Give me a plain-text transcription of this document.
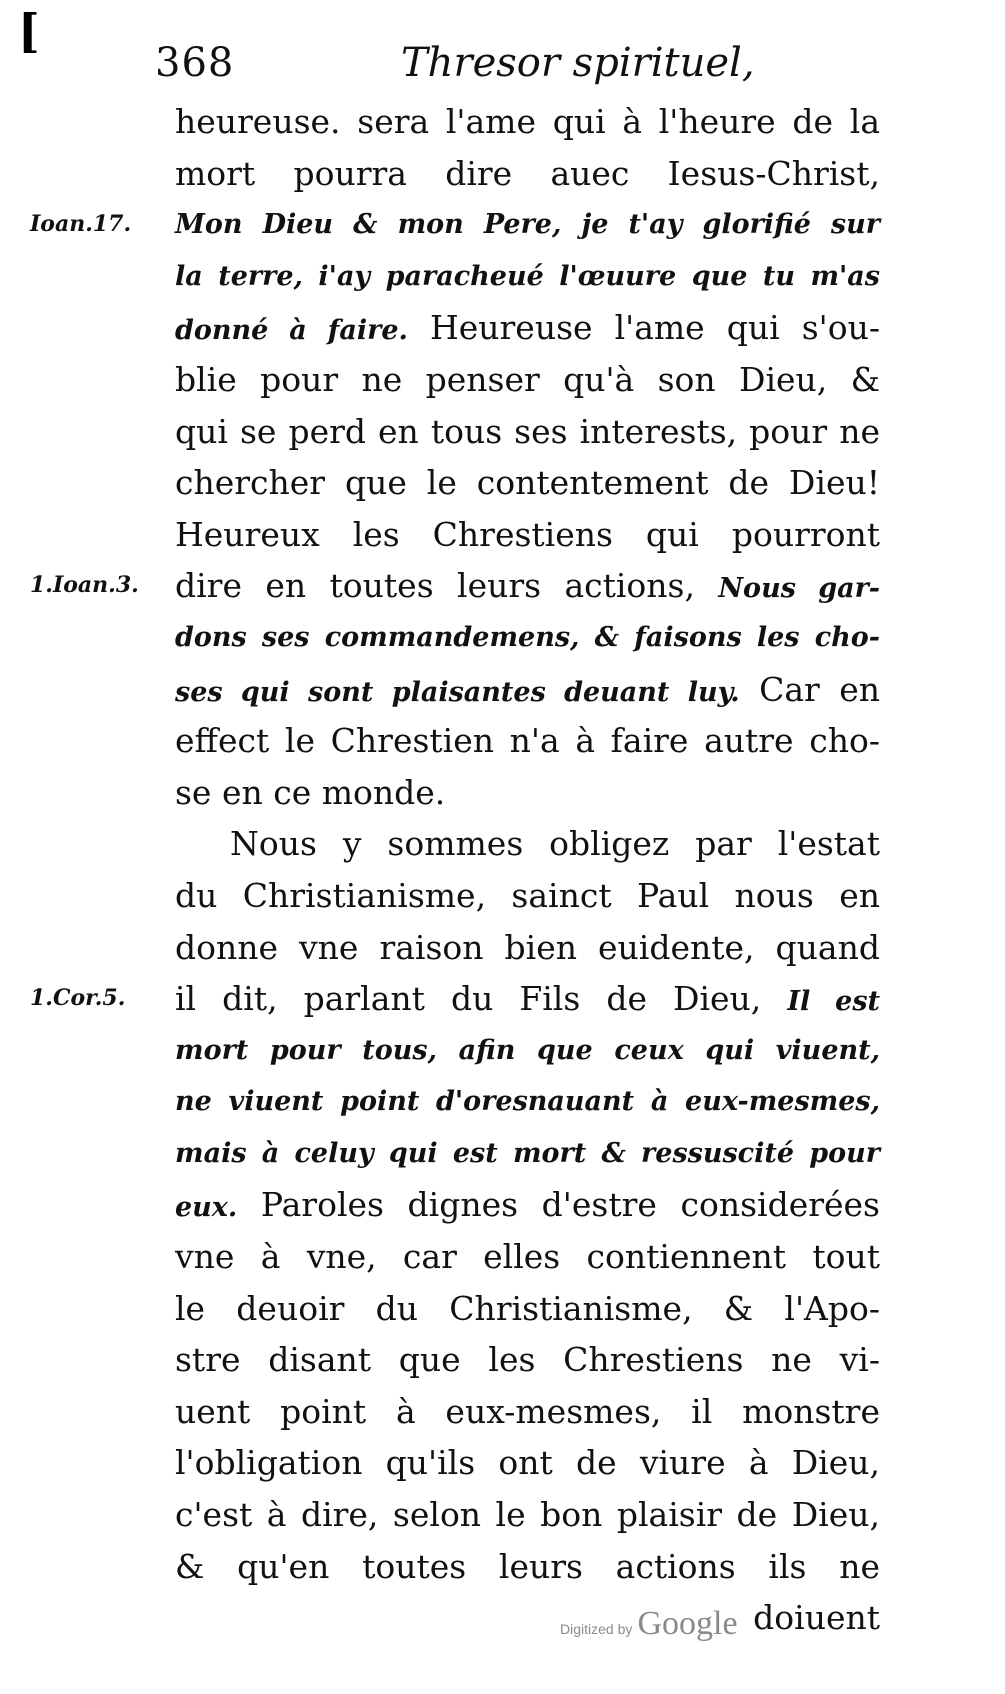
[
368	Thresor spirituel,
heureuse. sera l'ame qui à l'heure de la
mort pourra dire auec Iesus-Christ,
Mon Dieu & mon Pere, je t'ay glorifié sur
la terre, i'ay paracheué l'œuure que tu m'as
donné à faire. Heureuse l'ame qui s'ou-
blie pour ne penser qu'à son Dieu, &
qui se perd en tous ses interests, pour ne
chercher que le contentement de Dieu!
Heureux les Chrestiens qui pourront
dire en toutes leurs actions, Nous gar-
dons ses commandemens, & faisons les cho-
ses qui sont plaisantes deuant luy. Car en
effect le Chrestien n'a à faire autre cho-
se en ce monde.
Nous y sommes obligez par l'estat
du Christianisme, sainct Paul nous en
donne vne raison bien euidente, quand
il dit, parlant du Fils de Dieu, Il est
mort pour tous, afin que ceux qui viuent,
ne viuent point d'oresnauant à eux-mesmes,
mais à celuy qui est mort & ressuscité pour
eux. Paroles dignes d'estre considerées
vne à vne, car elles contiennent tout
le deuoir du Christianisme, & l'Apo-
stre disant que les Chrestiens ne vi-
uent point à eux-mesmes, il monstre
l'obligation qu'ils ont de viure à Dieu,
c'est à dire, selon le bon plaisir de Dieu,
& qu'en toutes leurs actions ils ne
doiuent
Ioan.17.
1.Ioan.3.
1.Cor.5.
Digitized by Google
